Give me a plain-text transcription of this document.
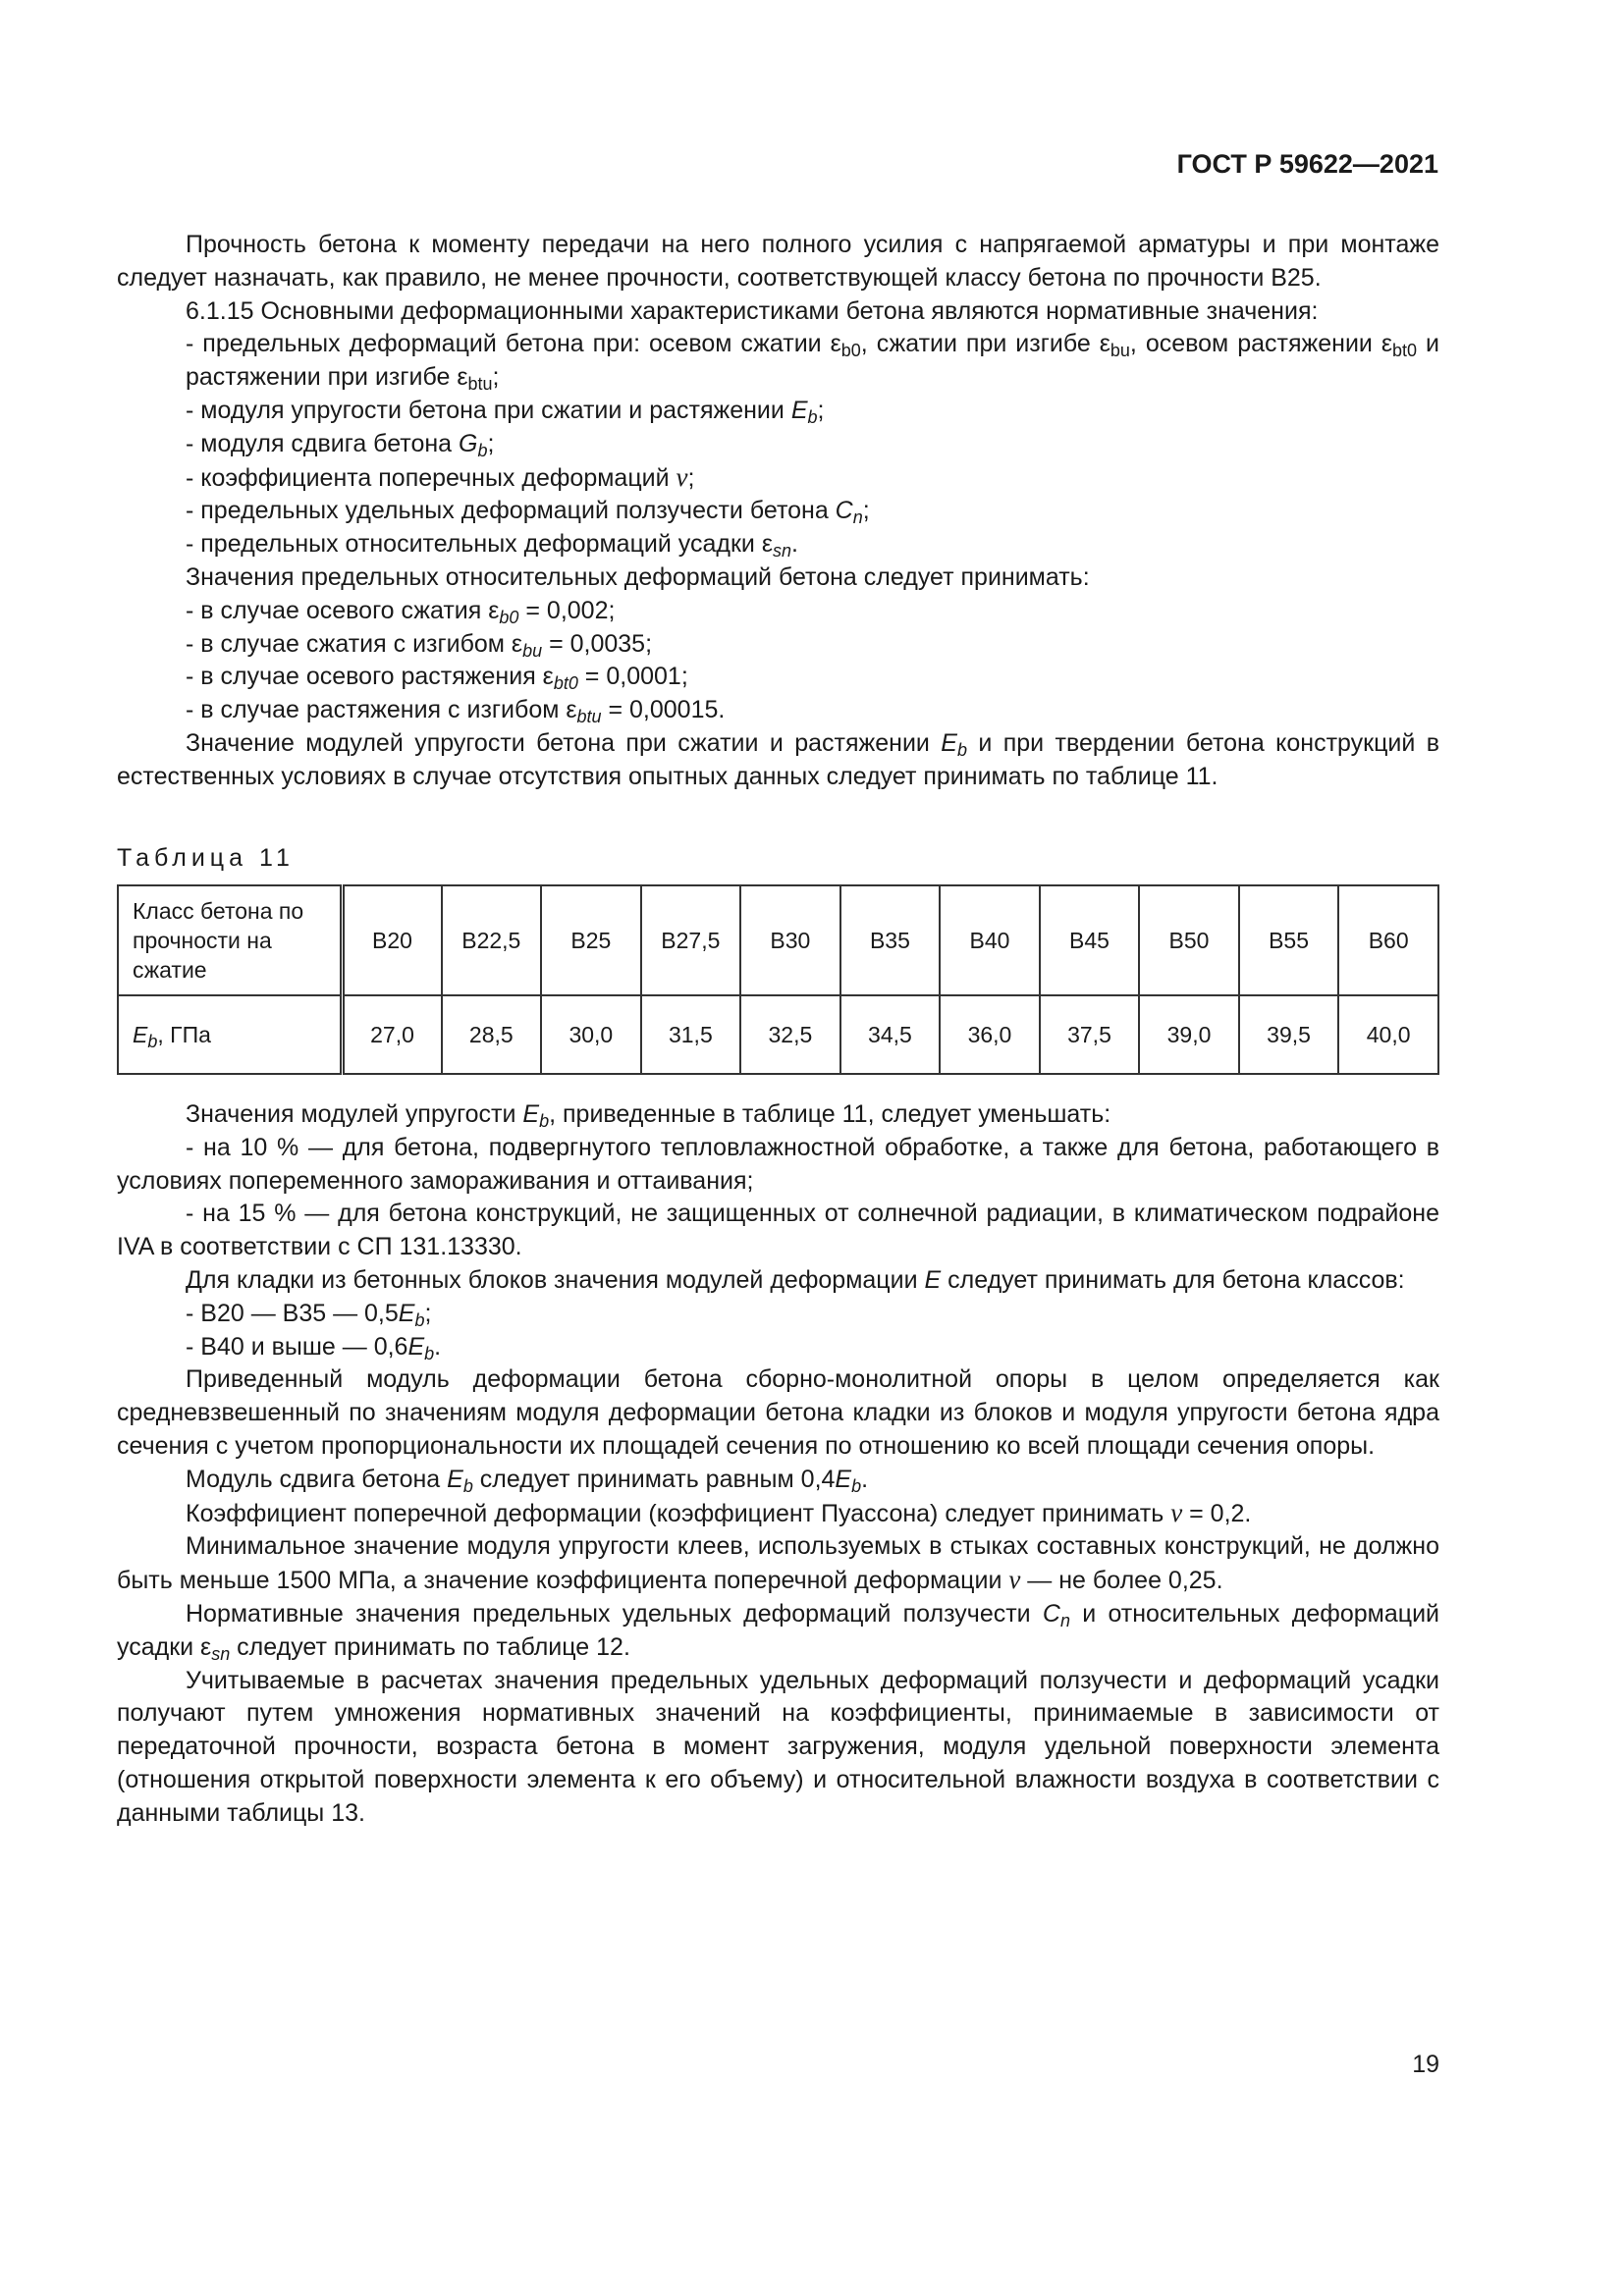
ГОСТ Р 59622—2021
Прочность бетона к моменту передачи на него полного усилия с напрягаемой арматуры и при монтаже следует назначать, как правило, не менее прочности, соответствующей классу бетона по прочности В25.
6.1.15 Основными деформационными характеристиками бетона являются нормативные значения:
- предельных деформаций бетона при: осевом сжатии $\varepsilon_{b0}$, сжатии при изгибе $\varepsilon_{bu}$, осевом растяжении $\varepsilon_{bt0}$ и растяжении при изгибе $\varepsilon_{btu}$;
- модуля упругости бетона при сжатии и растяжении $E_b$;
- модуля сдвига бетона $G_b$;
- коэффициента поперечных деформаций ν;
- предельных удельных деформаций ползучести бетона $C_n$;
- предельных относительных деформаций усадки $\varepsilon_{sn}$.
Значения предельных относительных деформаций бетона следует принимать:
- в случае осевого сжатия $\varepsilon_{b0} = 0,002$;
- в случае сжатия с изгибом $\varepsilon_{bu} = 0,0035$;
- в случае осевого растяжения $\varepsilon_{bt0} = 0,0001$;
- в случае растяжения с изгибом $\varepsilon_{btu} = 0,00015$.
Значение модулей упругости бетона при сжатии и растяжении $E_b$ и при твердении бетона конструкций в естественных условиях в случае отсутствия опытных данных следует принимать по таблице 11.
Таблица 11
Класс бетона по прочности на сжатие	В20	В22,5	В25	В27,5	В30	В35	В40	В45	В50	В55	В60
$E_b$, ГПа	27,0	28,5	30,0	31,5	32,5	34,5	36,0	37,5	39,0	39,5	40,0
Значения модулей упругости $E_b$, приведенные в таблице 11, следует уменьшать:
- на 10 % — для бетона, подвергнутого тепловлажностной обработке, а также для бетона, работающего в условиях попеременного замораживания и оттаивания;
- на 15 % — для бетона конструкций, не защищенных от солнечной радиации, в климатическом подрайоне IVA в соответствии с СП 131.13330.
Для кладки из бетонных блоков значения модулей деформации E следует принимать для бетона классов:
- В20 — В35 — $0,5E_b$;
- В40 и выше — $0,6E_b$.
Приведенный модуль деформации бетона сборно-монолитной опоры в целом определяется как средневзвешенный по значениям модуля деформации бетона кладки из блоков и модуля упругости бетона ядра сечения с учетом пропорциональности их площадей сечения по отношению ко всей площади сечения опоры.
Модуль сдвига бетона $E_b$ следует принимать равным $0,4E_b$.
Коэффициент поперечной деформации (коэффициент Пуассона) следует принимать ν = 0,2.
Минимальное значение модуля упругости клеев, используемых в стыках составных конструкций, не должно быть меньше 1500 МПа, а значение коэффициента поперечной деформации ν — не более 0,25.
Нормативные значения предельных удельных деформаций ползучести $C_n$ и относительных деформаций усадки $\varepsilon_{sn}$ следует принимать по таблице 12.
Учитываемые в расчетах значения предельных удельных деформаций ползучести и деформаций усадки получают путем умножения нормативных значений на коэффициенты, принимаемые в зависимости от передаточной прочности, возраста бетона в момент загружения, модуля удельной поверхности элемента (отношения открытой поверхности элемента к его объему) и относительной влажности воздуха в соответствии с данными таблицы 13.
19
